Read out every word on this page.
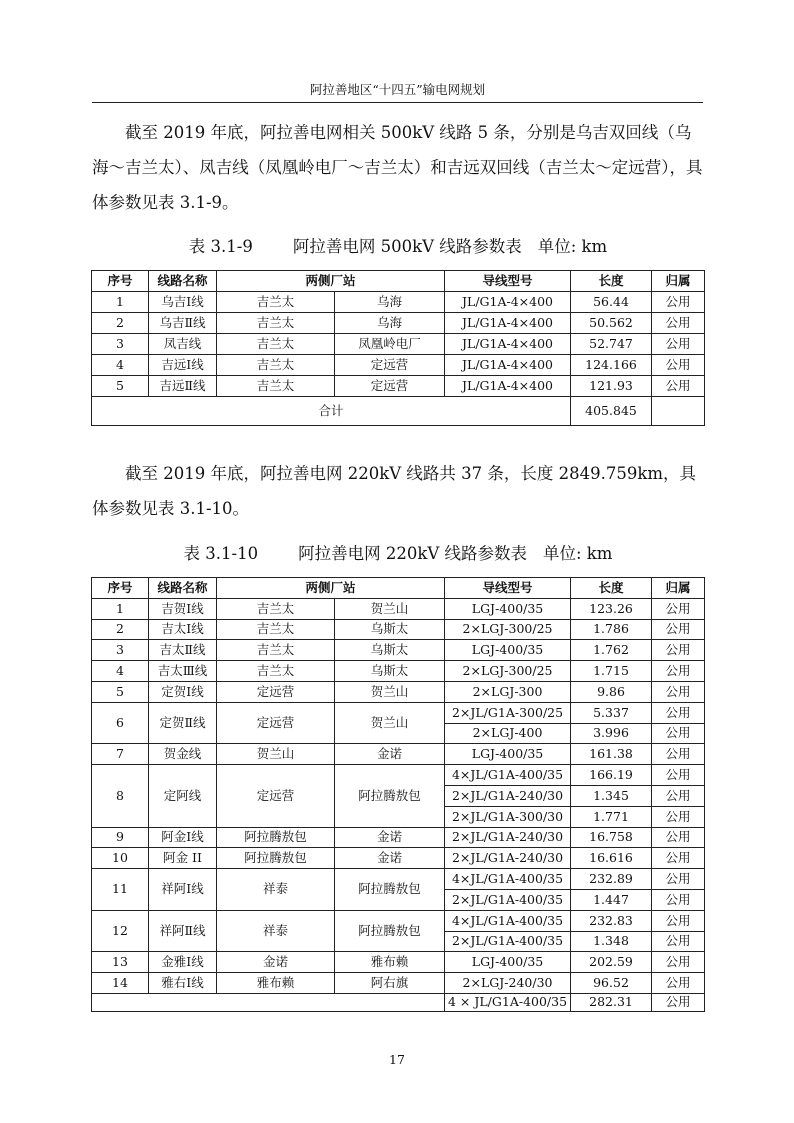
阿拉善地区“十四五”输电网规划

截至 2019 年底，阿拉善电网相关 500kV 线路 5 条，分别是乌吉双回线（乌海～吉兰太）、凤吉线（凤凰岭电厂～吉兰太）和吉远双回线（吉兰太～定远营），具体参数见表 3.1-9。

表 3.1-9 阿拉善电网 500kV 线路参数表 单位: km
序号	线路名称	两侧厂站		导线型号	长度	归属
1	乌吉Ⅰ线	吉兰太	乌海	JL/G1A-4×400	56.44	公用
2	乌吉Ⅱ线	吉兰太	乌海	JL/G1A-4×400	50.562	公用
3	凤吉线	吉兰太	凤凰岭电厂	JL/G1A-4×400	52.747	公用
4	吉远Ⅰ线	吉兰太	定远营	JL/G1A-4×400	124.166	公用
5	吉远Ⅱ线	吉兰太	定远营	JL/G1A-4×400	121.93	公用
合计					405.845	

截至 2019 年底，阿拉善电网 220kV 线路共 37 条，长度 2849.759km，具体参数见表 3.1-10。

表 3.1-10 阿拉善电网 220kV 线路参数表 单位: km
序号	线路名称	两侧厂站		导线型号	长度	归属
1	吉贺Ⅰ线	吉兰太	贺兰山	LGJ-400/35	123.26	公用
2	吉太Ⅰ线	吉兰太	乌斯太	2×LGJ-300/25	1.786	公用
3	吉太Ⅱ线	吉兰太	乌斯太	LGJ-400/35	1.762	公用
4	吉太Ⅲ线	吉兰太	乌斯太	2×LGJ-300/25	1.715	公用
5	定贺Ⅰ线	定远营	贺兰山	2×LGJ-300	9.86	公用
6	定贺Ⅱ线	定远营	贺兰山	2×JL/G1A-300/25	5.337	公用
				2×LGJ-400	3.996	公用
7	贺金线	贺兰山	金诺	LGJ-400/35	161.38	公用
8	定阿线	定远营	阿拉腾敖包	4×JL/G1A-400/35	166.19	公用
				2×JL/G1A-240/30	1.345	公用
				2×JL/G1A-300/30	1.771	公用
9	阿金Ⅰ线	阿拉腾敖包	金诺	2×JL/G1A-240/30	16.758	公用
10	阿金 II	阿拉腾敖包	金诺	2×JL/G1A-240/30	16.616	公用
11	祥阿Ⅰ线	祥泰	阿拉腾敖包	4×JL/G1A-400/35	232.89	公用
				2×JL/G1A-400/35	1.447	公用
12	祥阿Ⅱ线	祥泰	阿拉腾敖包	4×JL/G1A-400/35	232.83	公用
				2×JL/G1A-400/35	1.348	公用
13	金雅Ⅰ线	金诺	雅布赖	LGJ-400/35	202.59	公用
14	雅右Ⅰ线	雅布赖	阿右旗	2×LGJ-240/30	96.52	公用
				4 × JL/G1A-400/35	282.31	公用
17
